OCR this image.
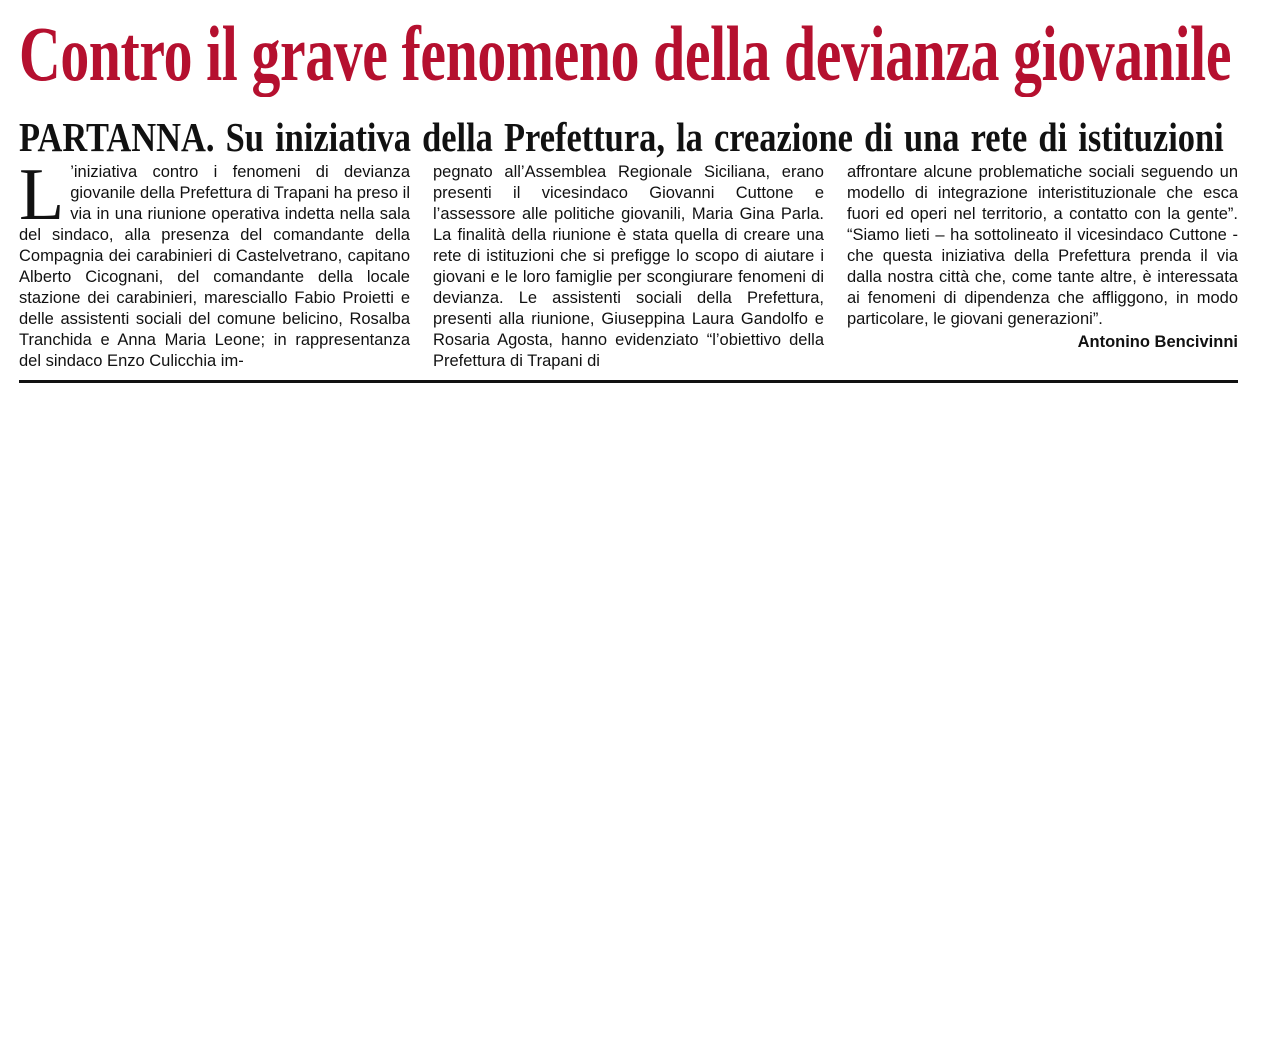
Contro il grave fenomeno della devianza giovanile
PARTANNA. Su iniziativa della Prefettura, la creazione di una rete di istituzioni
L ’iniziativa contro i fenomeni di devianza giovanile della Prefettura di Trapani ha preso il via in una riunione operativa indetta nella sala del sindaco, alla presenza del comandante della Compagnia dei carabinieri di Castelvetrano, capitano Alberto Cicognani, del comandante della locale stazione dei carabinieri, maresciallo Fabio Proietti e delle assistenti sociali del comune belicino, Rosalba Tranchida e Anna Maria Leone; in rappresentanza del sindaco Enzo Culicchia im-

pegnato all’Assemblea Regionale Siciliana, erano presenti il vicesindaco Giovanni Cuttone e l’assessore alle politiche giovanili, Maria Gina Parla. La finalità della riunione è stata quella di creare una rete di istituzioni che si prefigge lo scopo di aiutare i giovani e le loro famiglie per scongiurare fenomeni di devianza. Le assistenti sociali della Prefettura, presenti alla riunione, Giuseppina Laura Gandolfo e Rosaria Agosta, hanno evidenziato “l’obiettivo della Prefettura di Trapani di

affrontare alcune problematiche sociali seguendo un modello di integrazione interistituzionale che esca fuori ed operi nel territorio, a contatto con la gente”. “Siamo lieti – ha sottolineato il vicesindaco Cuttone - che questa iniziativa della Prefettura prenda il via dalla nostra città che, come tante altre, è interessata ai fenomeni di dipendenza che affliggono, in modo particolare, le giovani generazioni”.

Antonino Bencivinni
